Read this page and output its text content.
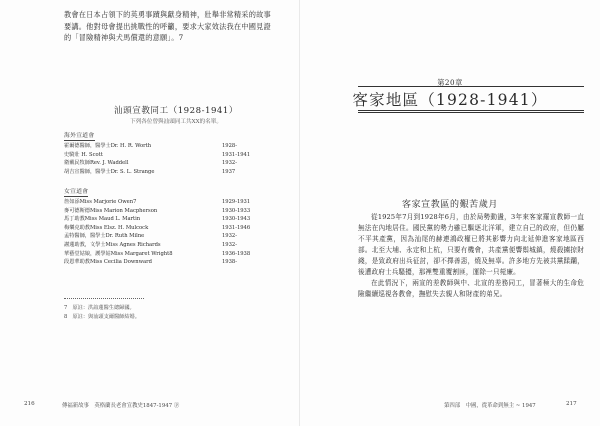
教會在日本占領下的英勇事蹟與獻身精神，壯舉非常精采的故事

要講。他對母會提出挑戰性的呼籲，要求大家效法我在中國見證

的「冒險精神與犬馬償還的意願」。7

汕頭宣教同工（1928-1941）
下列各位曾與汕頭同工共XX的名單。
海外宣道會
霍爾德醫師，醫學士Dr. H. R. Worth	1928-
史騎壯 H. Scott	1931-1941
衛戴民牧師Rev. J. Waddell	1932-
胡吉宣醫師，醫學士Dr. S. L. Strange	1937
女宣道會
詹如添Miss Marjorie Owen7	1929-1931
麥可德斯德Miss Marion Macpherson	1930-1933
馬丁助教Miss Maud L. Martin	1930-1943
梅樂克助教Miss Elsz. H. Mulcock	1931-1946
孟特醫師，醫學士Dr. Ruth Milne	1932-
謝蓮助教，文學士Miss Agnes Richards	1932-
華藝堂姑娘，護學姑Miss Margaret Wright8	1936-1938
段恩華助教Miss Cecilia Downward	1938-
7　原註：洪誼蓮醫生總歸國。
8　原註：與汕頭支爾醫師結婚。
216	傳福新故事　英格蘭長老會宣教史1847-1947 ⓟ
第20章
客家地區（1928-1941）
客家宣教區的艱苦歲月

從1925年7月到1928年6月，由於局勢動盪，3年來客家羅宣教師一直無法在內地居住。國民黨的勢力雖已驅逐北洋軍，建立自己的政府，但仍屬不平其產黨，因為汕尾的赫連鴻政權已將其影響力向北延伸進客家地區西部。北至大埔、永定和上杭，只要有機會，共產黨便響鬃城鎮，燒殺擄掠財錢，是致政府出兵征討，卻不擇善惡，燒及無辜。許多地方先被共黨蹂躪，後遭政府士兵騷擾，那裡雙重覆割匪，運除一只菀廉。

在此情況下，兩宣的差教師與中、北宣的差務同工，冒著極大的生命危險繼續巡視各教會，撫慰失去親人和財產的弟兄。

第四部　中國，從革命到無主 ~ 1947	217
